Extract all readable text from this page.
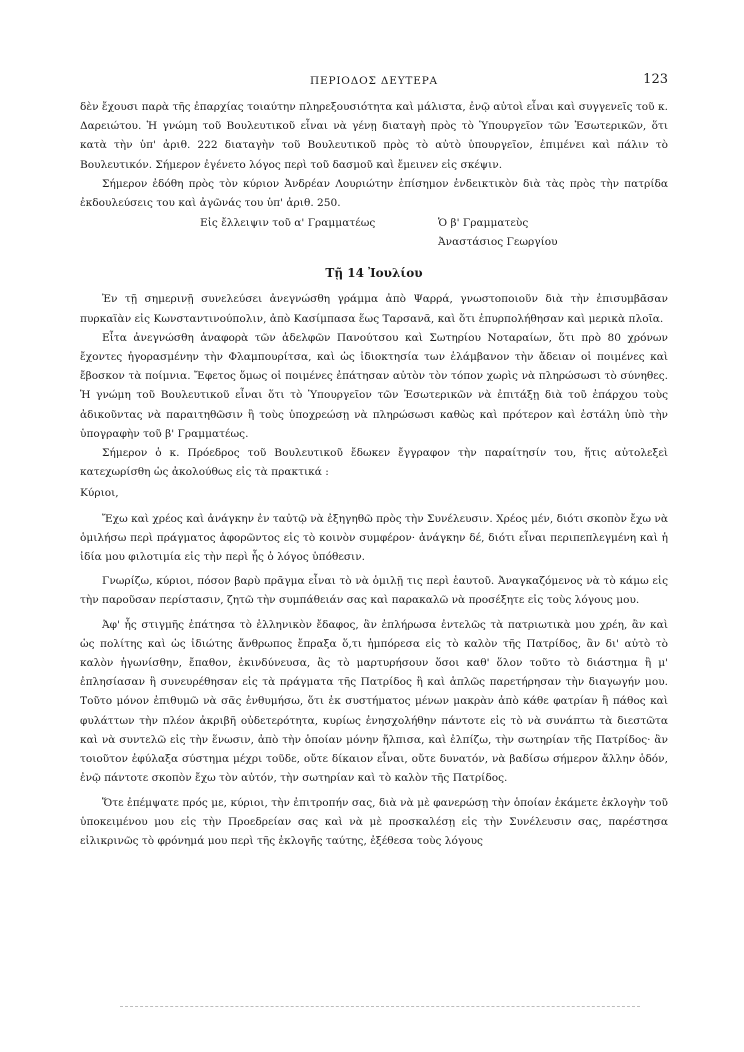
ΠΕΡΙΟΔΟΣ ΔΕΥΤΕΡΑ	123

δὲν ἔχουσι παρὰ τῆς ἐπαρχίας τοιαύτην πληρεξουσιότητα καὶ μάλιστα, ἐνῷ αὐτοὶ εἶναι καὶ συγγενεῖς τοῦ κ. Δαρειώτου. Ἡ γνώμη τοῦ Βουλευτικοῦ εἶναι νὰ γένῃ διαταγὴ πρὸς τὸ Ὑπουργεῖον τῶν Ἐσωτερικῶν, ὅτι κατὰ τὴν ὑπ' ἀριθ. 222 διαταγὴν τοῦ Βουλευτικοῦ πρὸς τὸ αὐτὸ ὑπουργεῖον, ἐπιμένει καὶ πάλιν τὸ Βουλευτικόν. Σήμερον ἐγένετο λόγος περὶ τοῦ δασμοῦ καὶ ἔμεινεν εἰς σκέψιν.

Σήμερον ἐδόθη πρὸς τὸν κύριον Ἀνδρέαν Λουριώτην ἐπίσημον ἐνδεικτικὸν διὰ τὰς πρὸς τὴν πατρίδα ἐκδουλεύσεις του καὶ ἀγῶνάς του ὑπ' ἀριθ. 250.

Εἰς ἔλλειψιν τοῦ α' Γραμματέως	Ὁ β' Γραμματεὺς
Ἀναστάσιος Γεωργίου
Τῇ 14 Ἰουλίου

Ἐν τῇ σημερινῇ συνελεύσει ἀνεγνώσθη γράμμα ἀπὸ Ψαρρά, γνωστοποιοῦν διὰ τὴν ἐπισυμβᾶσαν πυρκαϊὰν εἰς Κωνσταντινούπολιν, ἀπὸ Κασίμπασα ἕως Ταρσανᾶ, καὶ ὅτι ἐπυρπολήθησαν καὶ μερικὰ πλοῖα.

Εἶτα ἀνεγνώσθη ἀναφορὰ τῶν ἀδελφῶν Πανούτσου καὶ Σωτηρίου Νοταραίων, ὅτι πρὸ 80 χρόνων ἔχοντες ἠγορασμένην τὴν Φλαμπουρίτσα, καὶ ὡς ἰδιοκτησία των ἐλάμβανον τὴν ἄδειαν οἱ ποιμένες καὶ ἔβοσκον τὰ ποίμνια. Ἔφετος ὅμως οἱ ποιμένες ἐπάτησαν αὐτὸν τὸν τόπον χωρὶς νὰ πληρώσωσι τὸ σύνηθες. Ἡ γνώμη τοῦ Βουλευτικοῦ εἶναι ὅτι τὸ Ὑπουργεῖον τῶν Ἐσωτερικῶν νὰ ἐπιτάξῃ διὰ τοῦ ἐπάρχου τοὺς ἀδικοῦντας νὰ παραιτηθῶσιν ἢ τοὺς ὑποχρεώσῃ νὰ πληρώσωσι καθὼς καὶ πρότερον καὶ ἐστάλη ὑπὸ τὴν ὑπογραφὴν τοῦ β' Γραμματέως.

Σήμερον ὁ κ. Πρόεδρος τοῦ Βουλευτικοῦ ἔδωκεν ἔγγραφον τὴν παραίτησίν του, ἥτις αὐτολεξεὶ κατεχωρίσθη ὡς ἀκολούθως εἰς τὰ πρακτικά :

Κύριοι,

Ἔχω καὶ χρέος καὶ ἀνάγκην ἐν ταὐτῷ νὰ ἐξηγηθῶ πρὸς τὴν Συνέλευσιν. Χρέος μέν, διότι σκοπὸν ἔχω νὰ ὁμιλήσω περὶ πράγματος ἀφορῶντος εἰς τὸ κοινὸν συμφέρον· ἀνάγκην δέ, διότι εἶναι περιπεπλεγμένη καὶ ἡ ἰδία μου φιλοτιμία εἰς τὴν περὶ ἧς ὁ λόγος ὑπόθεσιν.

Γνωρίζω, κύριοι, πόσον βαρὺ πρᾶγμα εἶναι τὸ νὰ ὁμιλῇ τις περὶ ἑαυτοῦ. Ἀναγκαζόμενος νὰ τὸ κάμω εἰς τὴν παροῦσαν περίστασιν, ζητῶ τὴν συμπάθειάν σας καὶ παρακαλῶ νὰ προσέξητε εἰς τοὺς λόγους μου.

Ἀφ' ἧς στιγμῆς ἐπάτησα τὸ ἑλληνικὸν ἔδαφος, ἂν ἐπλήρωσα ἐντελῶς τὰ πατριωτικὰ μου χρέη, ἂν καὶ ὡς πολίτης καὶ ὡς ἰδιώτης ἄνθρωπος ἔπραξα ὅ,τι ἠμπόρεσα εἰς τὸ καλὸν τῆς Πατρίδος, ἂν δι' αὐτὸ τὸ καλὸν ἠγωνίσθην, ἔπαθον, ἐκινδύνευσα, ἂς τὸ μαρτυρήσουν ὅσοι καθ' ὅλον τοῦτο τὸ διάστημα ἢ μ' ἐπλησίασαν ἢ συνευρέθησαν εἰς τὰ πράγματα τῆς Πατρίδος ἢ καὶ ἁπλῶς παρετήρησαν τὴν διαγωγήν μου. Τοῦτο μόνον ἐπιθυμῶ νὰ σᾶς ἐνθυμήσω, ὅτι ἐκ συστήματος μένων μακρὰν ἀπὸ κάθε φατρίαν ἢ πάθος καὶ φυλάττων τὴν πλέον ἀκριβῆ οὐδετερότητα, κυρίως ἐνησχολήθην πάντοτε εἰς τὸ νὰ συνάπτω τὰ διεστῶτα καὶ νὰ συντελῶ εἰς τὴν ἕνωσιν, ἀπὸ τὴν ὁποίαν μόνην ἤλπισα, καὶ ἐλπίζω, τὴν σωτηρίαν τῆς Πατρίδος· ἂν τοιοῦτον ἐφύλαξα σύστημα μέχρι τοῦδε, οὔτε δίκαιον εἶναι, οὔτε δυνατόν, νὰ βαδίσω σήμερον ἄλλην ὁδόν, ἐνῷ πάντοτε σκοπὸν ἔχω τὸν αὐτόν, τὴν σωτηρίαν καὶ τὸ καλὸν τῆς Πατρίδος.

Ὅτε ἐπέμψατε πρός με, κύριοι, τὴν ἐπιτροπήν σας, διὰ νὰ μὲ φανερώσῃ τὴν ὁποίαν ἐκάμετε ἐκλογὴν τοῦ ὑποκειμένου μου εἰς τὴν Προεδρείαν σας καὶ νὰ μὲ προσκαλέσῃ εἰς τὴν Συνέλευσιν σας, παρέστησα εἰλικρινῶς τὸ φρόνημά μου περὶ τῆς ἐκλογῆς ταύτης, ἐξέθεσα τοὺς λόγους
